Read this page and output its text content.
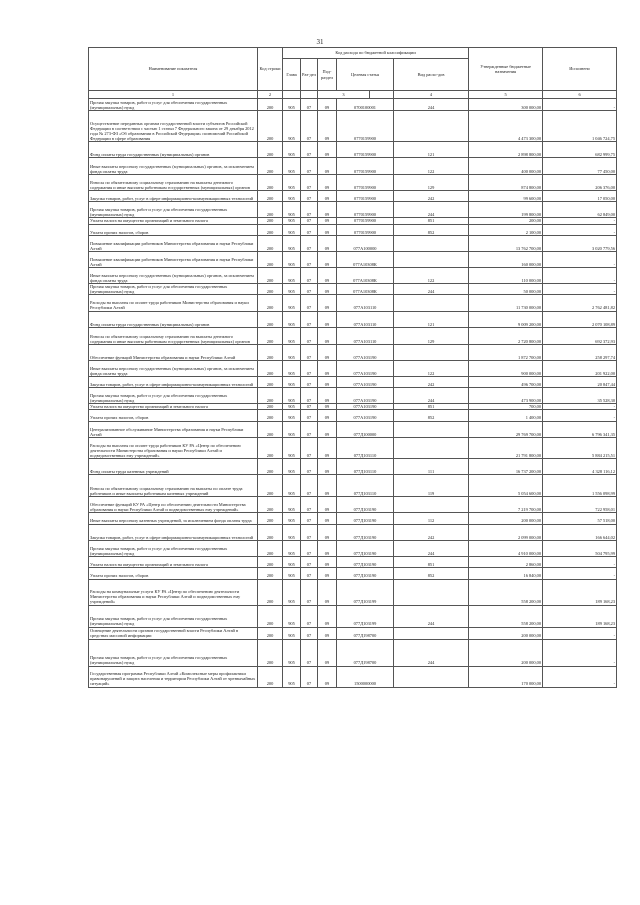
31
Наименование показателя	Код строки	Код расхода по бюджетной классификации						Утвержденные бюджетные назначения	Исполнено	
		Глава	Раз-дел	Под-раздел	Целевая статья		Вид расхо-дов			
1	2			3			4	5	6	
Прочая закупка товаров, работ и услуг для обеспечения государственных (муниципальных) нужд	200	905	07	09	0700100001		244	300 000,00	-	
Осуществление переданных органам государственной власти субъектов Российской Федерации в соответствии с частью 1 статьи 7 Федерального закона от 29 декабря 2012 года № 273-ФЗ «Об образовании в Российской Федерации» полномочий Российской Федерации в сфере образования	200	905	07	09	0770159900			4 473 300,00	1 046 724,75	
Фонд оплаты труда государственных (муниципальных) органов	200	905	07	09	0770159900		121	2 898 800,00	682 999,75	
Иные выплаты персоналу государственных (муниципальных) органов, за исключением фонда оплаты труда	200	905	07	09	0770159900		122	400 000,00	77 450,00	
Взносы по обязательному социальному страхованию на выплаты денежного содержания и иные выплаты работникам государственных (муниципальных) органов	200	905	07	09	0770159900		129	874 800,00	206 376,00	
Закупка товаров, работ, услуг в сфере информационно-коммуникационных технологий	200	905	07	09	0770159900		242	99 600,00	17 050,00	
Прочая закупка товаров, работ и услуг для обеспечения государственных (муниципальных) нужд	200	905	07	09	0770159900		244	199 800,00	62 849,00	
Уплата налога на имущество организаций и земельного налога	200	905	07	09	0770159900		851	200,00	-	
Уплата прочих налогов, сборов	200	905	07	09	0770159900		852	2 100,00	-	
Повышение квалификации работников Министерства образования и науки Республики Алтай	200	905	07	09	077А100000			13 762 700,00	3 020 779,56	
Повышение квалификации работников Министерства образования и науки Республики Алтай	200	905	07	09	077А10308К			160 000,00	-	
Иные выплаты персоналу государственных (муниципальных) органов, за исключением фонда оплаты труда	200	905	07	09	077А10308К		122	110 000,00	-	
Прочая закупка товаров, работ и услуг для обеспечения государственных (муниципальных) нужд	200	905	07	09	077А10308К		244	50 000,00	-	
Расходы на выплаты по оплате труда работников Министерства образования и науки Республики Алтай	200	905	07	09	077А103110			11 730 000,00	2 762 481,82	
Фонд оплаты труда государственных (муниципальных) органов	200	905	07	09	077А103110		121	9 009 200,00	2 070 108,89	
Взносы по обязательному социальному страхованию на выплаты денежного содержания и иные выплаты работникам государственных (муниципальных) органов	200	905	07	09	077А103110		129	2 720 800,00	692 372,93	
Обеспечение функций Министерства образования и науки Республики Алтай	200	905	07	09	077А103190			1 872 700,00	258 297,74	
Иные выплаты персоналу государственных (муниципальных) органов, за исключением фонда оплаты труда	200	905	07	09	077А103190		122	900 000,00	201 922,00	
Закупка товаров, работ, услуг в сфере информационно-коммуникационных технологий	200	905	07	09	077А103190		242	496 700,00	20 847,44	
Прочая закупка товаров, работ и услуг для обеспечения государственных (муниципальных) нужд	200	905	07	09	077А103190		244	473 900,00	35 528,30	
Уплата налога на имущество организаций и земельного налога	200	905	07	09	077А103190		851	700,00	-	
Уплата прочих налогов, сборов	200	905	07	09	077А103190		852	1 400,00	-	
Централизованное обслуживание Министерства образования и науки Республики Алтай	200	905	07	09	077Д100000			29 769 700,00	6 796 341,35	
Расходы на выплаты по оплате труда работников КУ РА «Центр по обеспечению деятельности Министерства образования и науки Республики Алтай и подведомственных ему учреждений»	200	905	07	09	077Д103110			21 791 800,00	5 884 215,51	
Фонд оплаты труда казенных учреждений	200	905	07	09	077Д103110		111	16 737 200,00	4 328 116,12	
Взносы по обязательному социальному страхованию на выплаты по оплате труда работников и иные выплаты работникам казенных учреждений	200	905	07	09	077Д103110		119	5 054 600,00	1 556 098,99	
Обеспечение функций КУ РА «Центр по обеспечению деятельности Министерства образования и науки Республики Алтай и подведомственных ему учреждений»	200	905	07	09	077Д103190			7 219 700,00	722 958,01	
Иные выплаты персоналу казенных учреждений, за исключением фонда оплаты труда	200	905	07	09	077Д103190		112	200 000,00	57 518,00	
Закупка товаров, работ, услуг в сфере информационно-коммуникационных технологий	200	905	07	09	077Д103190		242	2 099 000,00	166 644,02	
Прочая закупка товаров, работ и услуг для обеспечения государственных (муниципальных) нужд	200	905	07	09	077Д103190		244	4 910 000,00	504 795,99	
Уплата налога на имущество организаций и земельного налога	200	905	07	09	077Д103190		851	2 860,00	-	
Уплата прочих налогов, сборов	200	905	07	09	077Д103190		852	16 840,00	-	
Расходы на коммунальные услуги КУ РА «Центр по обеспечению деятельности Министерства образования и науки Республики Алтай и подведомственных ему учреждений»	200	905	07	09	077Д103199			558 200,00	189 168,23	
Прочая закупка товаров, работ и услуг для обеспечения государственных (муниципальных) нужд	200	905	07	09	077Д103199		244	558 200,00	189 168,23	
Освещение деятельности органов государственной власти Республики Алтай в средствах массовой информации	200	905	07	09	077Д198700			200 000,00	-	
Прочая закупка товаров, работ и услуг для обеспечения государственных (муниципальных) нужд	200	905	07	09	077Д198700		244	200 000,00	-	
Государственная программа Республики Алтай «Комплексные меры профилактики правонарушений и защита населения и территории Республики Алтай от чрезвычайных ситуаций»	200	905	07	09	1500000000			170 000,00	-	
